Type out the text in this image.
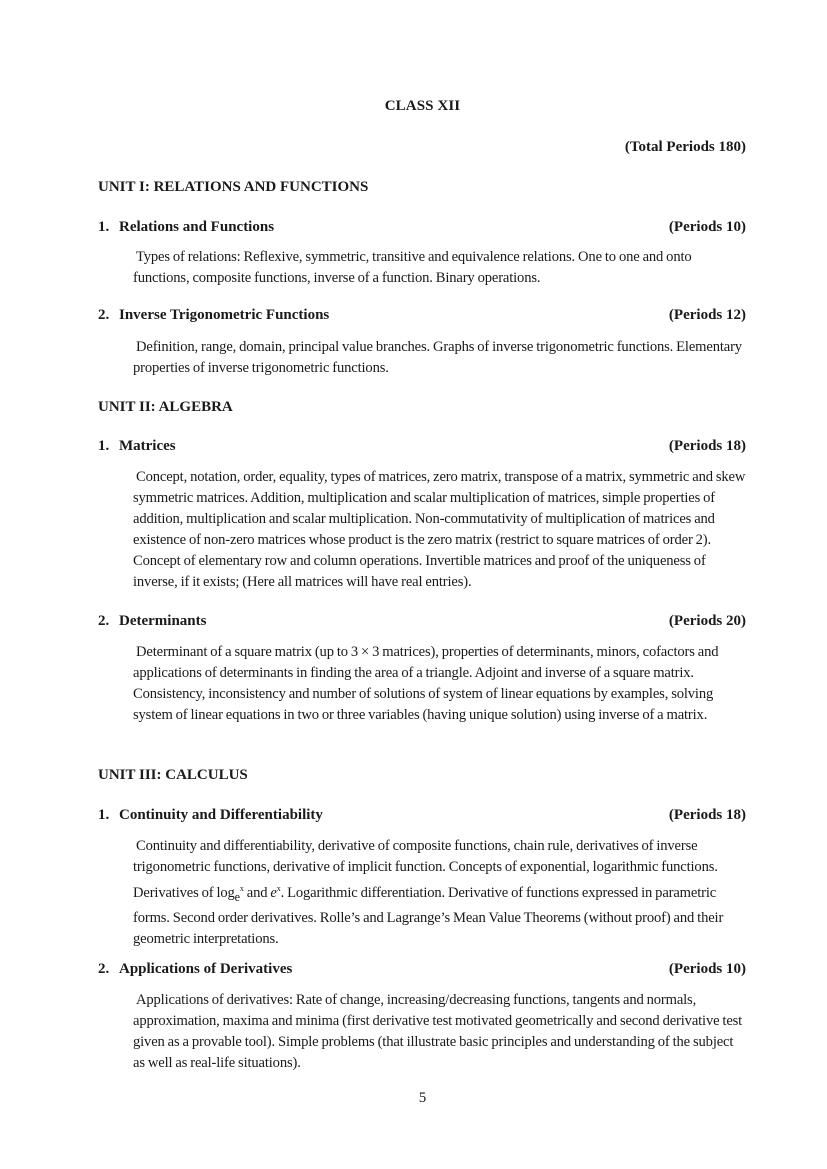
CLASS XII
(Total Periods 180)
UNIT I: RELATIONS AND FUNCTIONS
1. Relations and Functions	(Periods 10)
Types of relations: Reflexive, symmetric, transitive and equivalence relations. One to one and onto functions, composite functions, inverse of a function. Binary operations.
2. Inverse Trigonometric Functions	(Periods 12)
Definition, range, domain, principal value branches. Graphs of inverse trigonometric functions. Elementary properties of inverse trigonometric functions.
UNIT II: ALGEBRA
1. Matrices	(Periods 18)
Concept, notation, order, equality, types of matrices, zero matrix, transpose of a matrix, symmetric and skew symmetric matrices. Addition, multiplication and scalar multiplication of matrices, simple properties of addition, multiplication and scalar multiplication. Non-commutativity of multiplication of matrices and existence of non-zero matrices whose product is the zero matrix (restrict to square matrices of order 2). Concept of elementary row and column operations. Invertible matrices and proof of the uniqueness of inverse, if it exists; (Here all matrices will have real entries).
2. Determinants	(Periods 20)
Determinant of a square matrix (up to 3 × 3 matrices), properties of determinants, minors, cofactors and applications of determinants in finding the area of a triangle. Adjoint and inverse of a square matrix. Consistency, inconsistency and number of solutions of system of linear equations by examples, solving system of linear equations in two or three variables (having unique solution) using inverse of a matrix.
UNIT III: CALCULUS
1. Continuity and Differentiability	(Periods 18)
Continuity and differentiability, derivative of composite functions, chain rule, derivatives of inverse trigonometric functions, derivative of implicit function. Concepts of exponential, logarithmic functions. Derivatives of $\log_e^x$ and $e^x$. Logarithmic differentiation. Derivative of functions expressed in parametric forms. Second order derivatives. Rolle’s and Lagrange’s Mean Value Theorems (without proof) and their geometric interpretations.
2. Applications of Derivatives	(Periods 10)
Applications of derivatives: Rate of change, increasing/decreasing functions, tangents and normals, approximation, maxima and minima (first derivative test motivated geometrically and second derivative test given as a provable tool). Simple problems (that illustrate basic principles and understanding of the subject as well as real-life situations).
5
